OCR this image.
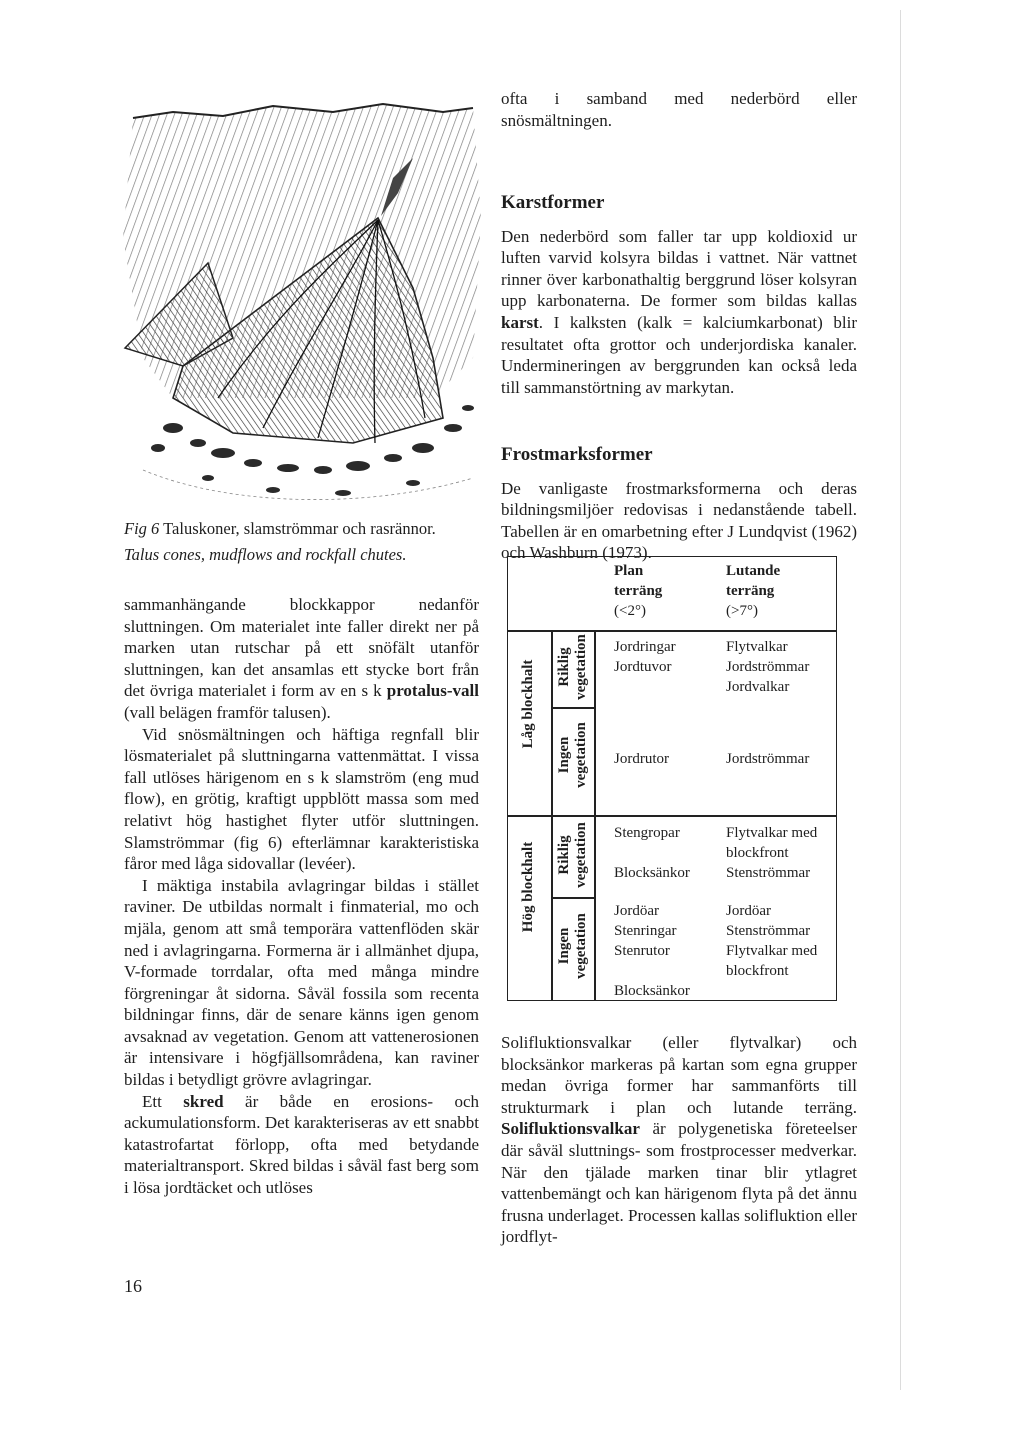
Fig 6 Taluskoner, slamströmmar och rasrännor.
Talus cones, mudflows and rockfall chutes.

sammanhängande blockkappor nedanför sluttningen. Om materialet inte faller direkt ner på marken utan rutschar på ett snöfält utanför sluttningen, kan det ansamlas ett stycke bort från det övriga materialet i form av en s k protalus-vall (vall belägen framför talusen).

Vid snösmältningen och häftiga regnfall blir lösmaterialet på sluttningarna vattenmättat. I vissa fall utlöses härigenom en s k slamström (eng mud flow), en grötig, kraftigt uppblött massa som med relativt hög hastighet flyter utför sluttningen. Slamströmmar (fig 6) efterlämnar karakteristiska fåror med låga sidovallar (levéer).

I mäktiga instabila avlagringar bildas i stället raviner. De utbildas normalt i finmaterial, mo och mjäla, genom att små temporära vattenflöden skär ned i avlagringarna. Formerna är i allmänhet djupa, V-formade torrdalar, ofta med många mindre förgreningar åt sidorna. Såväl fossila som recenta bildningar finns, där de senare känns igen genom avsaknad av vegetation. Genom att vattenerosionen är intensivare i högfjällsområdena, kan raviner bildas i betydligt grövre avlagringar.

Ett skred är både en erosions- och ackumulationsform. Det karakteriseras av ett snabbt katastrofartat förlopp, ofta med betydande materialtransport. Skred bildas i såväl fast berg som i lösa jordtäcket och utlöses

ofta i samband med nederbörd eller snösmältningen.

Karstformer

Den nederbörd som faller tar upp koldioxid ur luften varvid kolsyra bildas i vattnet. När vattnet rinner över karbonathaltig berggrund löser kolsyran upp karbonaterna. De former som bildas kallas karst. I kalksten (kalk = kalciumkarbonat) blir resultatet ofta grottor och underjordiska kanaler. Undermineringen av berggrunden kan också leda till sammanstörtning av markytan.

Frostmarksformer

De vanligaste frostmarksformerna och deras bildningsmiljöer redovisas i nedanstående tabell. Tabellen är en omarbetning efter J Lundqvist (1962) och Washburn (1973).

Plan
terräng
(<2°)
Lutande
terräng
(>7°)
Låg blockhalt
Hög blockhalt
Riklig
vegetation
Ingen
vegetation
Riklig
vegetation
Ingen
vegetation
Jordringar
Jordtuvor
Flytvalkar
Jordströmmar
Jordvalkar
Jordrutor	Jordströmmar
Stengropar
Blocksänkor
Flytvalkar med
blockfront
Stenströmmar
Jordöar
Stenringar
Stenrutor
Blocksänkor
Jordöar
Stenströmmar
Flytvalkar med
blockfront

Solifluktionsvalkar (eller flytvalkar) och blocksänkor markeras på kartan som egna grupper medan övriga former har sammanförts till strukturmark i plan och lutande terräng. Solifluktionsvalkar är polygenetiska företeelser där såväl sluttnings- som frostprocesser medverkar. När den tjälade marken tinar blir ytlagret vattenbemängt och kan härigenom flyta på det ännu frusna underlaget. Processen kallas solifluktion eller jordflyt-

16
